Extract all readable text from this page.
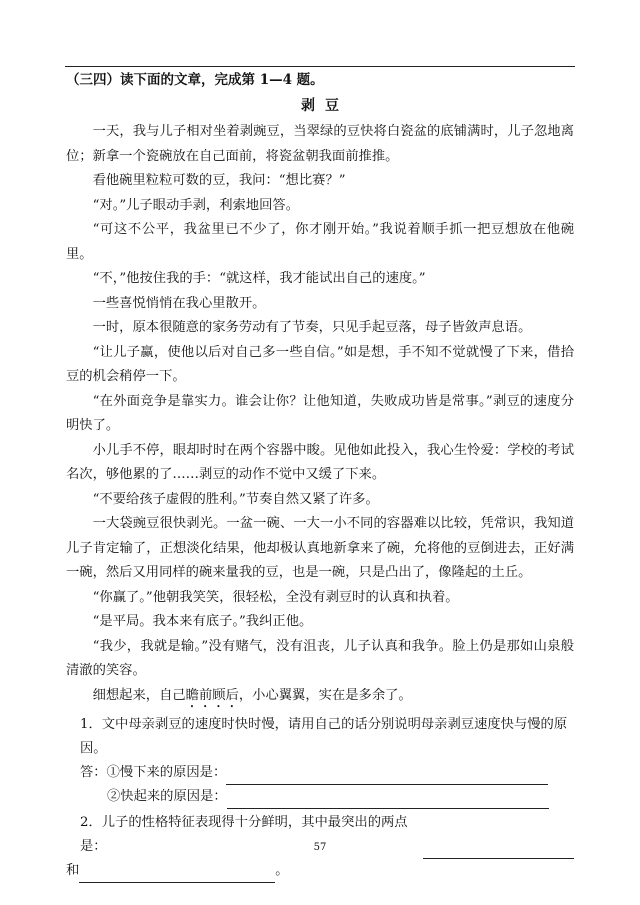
（三四）读下面的文章，完成第 1—4 题。

剥豆

一天，我与儿子相对坐着剥豌豆，当翠绿的豆快将白瓷盆的底铺满时，儿子忽地离位；新拿一个瓷碗放在自己面前，将瓷盆朝我面前推推。

看他碗里粒粒可数的豆，我问：“想比赛？”

“对。”儿子眼动手剥，利索地回答。

“可这不公平，我盆里已不少了，你才刚开始。”我说着顺手抓一把豆想放在他碗里。

“不，”他按住我的手：“就这样，我才能试出自己的速度。”

一些喜悦悄悄在我心里散开。

一时，原本很随意的家务劳动有了节奏，只见手起豆落，母子皆敛声息语。

“让儿子赢，使他以后对自己多一些自信。”如是想，手不知不觉就慢了下来，借拾豆的机会稍停一下。

“在外面竞争是靠实力。谁会让你？让他知道，失败成功皆是常事。”剥豆的速度分明快了。

小儿手不停，眼却时时在两个容器中睃。见他如此投入，我心生怜爱：学校的考试名次，够他累的了……剥豆的动作不觉中又缓了下来。

“不要给孩子虚假的胜利。”节奏自然又紧了许多。

一大袋豌豆很快剥光。一盆一碗、一大一小不同的容器难以比较，凭常识，我知道儿子肯定输了，正想淡化结果，他却极认真地新拿来了碗，允将他的豆倒进去，正好满一碗，然后又用同样的碗来量我的豆，也是一碗，只是凸出了，像隆起的土丘。

“你赢了。”他朝我笑笑，很轻松，全没有剥豆时的认真和执着。

“是平局。我本来有底子。”我纠正他。

“我少，我就是输。”没有赌气，没有沮丧，儿子认真和我争。脸上仍是那如山泉般清澈的笑容。

细想起来，自己瞻前顾后，小心翼翼，实在是多余了。

1．文中母亲剥豆的速度时快时慢，请用自己的话分别说明母亲剥豆速度快与慢的原因。

答： ①慢下来的原因是：
②快起来的原因是：
2．儿子的性格特征表现得十分鲜明，其中最突出的两点是：
和	。
57
